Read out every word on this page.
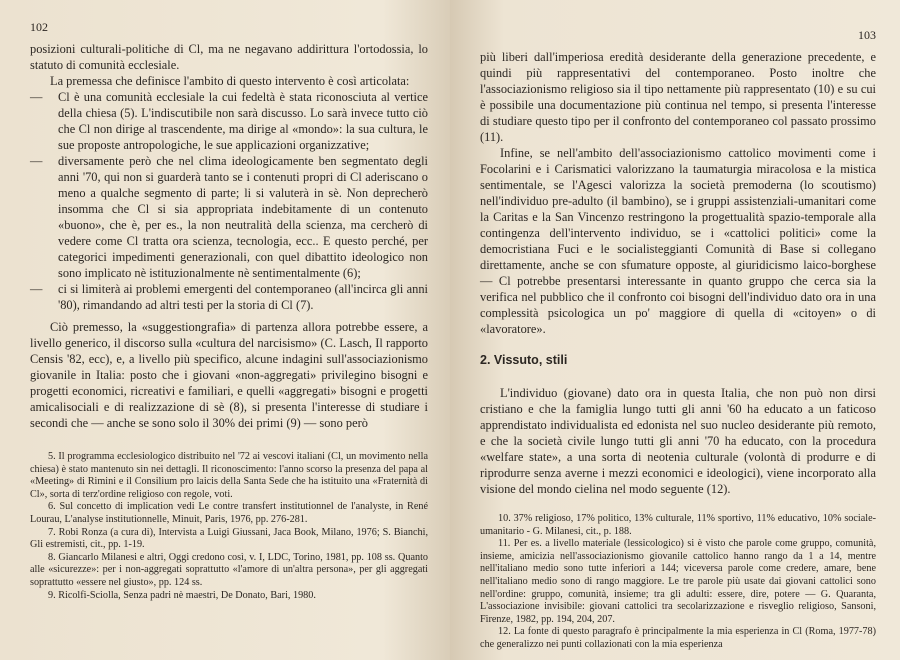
102

posizioni culturali-politiche di Cl, ma ne negavano addirittura l'ortodossia, lo statuto di comunità ecclesiale.

La premessa che definisce l'ambito di questo intervento è così articolata:

—	Cl è una comunità ecclesiale la cui fedeltà è stata riconosciuta al vertice della chiesa (5). L'indiscutibile non sarà discusso. Lo sarà invece tutto ciò che Cl non dirige al trascendente, ma dirige al «mondo»: la sua cultura, le sue proposte antropologiche, le sue applicazioni organizzative;
—	diversamente però che nel clima ideologicamente ben segmentato degli anni '70, qui non si guarderà tanto se i contenuti propri di Cl aderiscano o meno a qualche segmento di parte; li si valuterà in sè. Non deprecherò insomma che Cl si sia appropriata indebitamente di un contenuto «buono», che è, per es., la non neutralità della scienza, ma cercherò di vedere come Cl tratta ora scienza, tecnologia, ecc.. E questo perché, per categorici impedimenti generazionali, con quel dibattito ideologico non sono implicato nè istituzionalmente nè sentimentalmente (6);
—	ci si limiterà ai problemi emergenti del contemporaneo (all'incirca gli anni '80), rimandando ad altri testi per la storia di Cl (7).

Ciò premesso, la «suggestiongrafia» di partenza allora potrebbe essere, a livello generico, il discorso sulla «cultura del narcisismo» (C. Lasch, Il rapporto Censis '82, ecc), e, a livello più specifico, alcune indagini sull'associazionismo giovanile in Italia: posto che i giovani «non-aggregati» privilegino bisogni e progetti economici, ricreativi e familiari, e quelli «aggregati» bisogni e progetti amicalisociali e di realizzazione di sè (8), si presenta l'interesse di studiare i secondi che — anche se sono solo il 30% dei primi (9) — sono però

5. Il programma ecclesiologico distribuito nel '72 ai vescovi italiani (Cl, un movimento nella chiesa) è stato mantenuto sin nei dettagli. Il riconoscimento: l'anno scorso la presenza del papa al «Meeting» di Rimini e il Consilium pro laicis della Santa Sede che ha istituito una «Fraternità di Cl», sorta di terz'ordine religioso con regole, voti.

6. Sul concetto di implication vedi Le contre transfert institutionnel de l'analyste, in René Lourau, L'analyse institutionnelle, Minuit, Paris, 1976, pp. 276-281.

7. Robi Ronza (a cura di), Intervista a Luigi Giussani, Jaca Book, Milano, 1976; S. Bianchi, Gli estremisti, cit., pp. 1-19.

8. Giancarlo Milanesi e altri, Oggi credono così, v. I, LDC, Torino, 1981, pp. 108 ss. Quanto alle «sicurezze»: per i non-aggregati soprattutto «l'amore di un'altra persona», per gli aggregati soprattutto «essere nel giusto», pp. 124 ss.

9. Ricolfi-Sciolla, Senza padri nè maestri, De Donato, Bari, 1980.

103

più liberi dall'imperiosa eredità desiderante della generazione precedente, e quindi più rappresentativi del contemporaneo. Posto inoltre che l'associazionismo religioso sia il tipo nettamente più rappresentato (10) e su cui è possibile una documentazione più continua nel tempo, si presenta l'interesse di studiare questo tipo per il confronto del contemporaneo col passato prossimo (11).

Infine, se nell'ambito dell'associazionismo cattolico movimenti come i Focolarini e i Carismatici valorizzano la taumaturgia miracolosa e la mistica sentimentale, se l'Agesci valorizza la società premoderna (lo scoutismo) nell'individuo pre-adulto (il bambino), se i gruppi assistenziali-umanitari come la Caritas e la San Vincenzo restringono la progettualità spazio-temporale alla contingenza dell'intervento individuo, se i «cattolici politici» come la democristiana Fuci e le socialisteggianti Comunità di Base si collegano direttamente, anche se con sfumature opposte, al giuridicismo laico-borghese — Cl potrebbe presentarsi interessante in quanto gruppo che cerca sia la verifica nel pubblico che il confronto coi bisogni dell'individuo dato ora in una complessità psicologica un po' maggiore di quella di «citoyen» o di «lavoratore».

2. Vissuto, stili

L'individuo (giovane) dato ora in questa Italia, che non può non dirsi cristiano e che la famiglia lungo tutti gli anni '60 ha educato a un faticoso apprendistato individualista ed edonista nel suo nucleo desiderante più remoto, e che la società civile lungo tutti gli anni '70 ha educato, con la procedura «welfare state», a una sorta di neotenia culturale (volontà di produrre e di riprodurre senza averne i mezzi economici e ideologici), viene incorporato alla visione del mondo cielina nel modo seguente (12).

10. 37% religioso, 17% politico, 13% culturale, 11% sportivo, 11% educativo, 10% sociale-umanitario - G. Milanesi, cit., p. 188.

11. Per es. a livello materiale (lessicologico) si è visto che parole come gruppo, comunità, insieme, amicizia nell'associazionismo giovanile cattolico hanno rango da 1 a 14, mentre nell'italiano medio sono tutte inferiori a 144; viceversa parole come credere, amare, bene nell'italiano medio sono di rango maggiore. Le tre parole più usate dai giovani cattolici sono nell'ordine: gruppo, comunità, insieme; tra gli adulti: essere, dire, potere — G. Quaranta, L'associazione invisibile: giovani cattolici tra secolarizzazione e risveglio religioso, Sansoni, Firenze, 1982, pp. 194, 204, 207.

12. La fonte di questo paragrafo è principalmente la mia esperienza in Cl (Roma, 1977-78) che generalizzo nei punti collazionati con la mia esperienza
